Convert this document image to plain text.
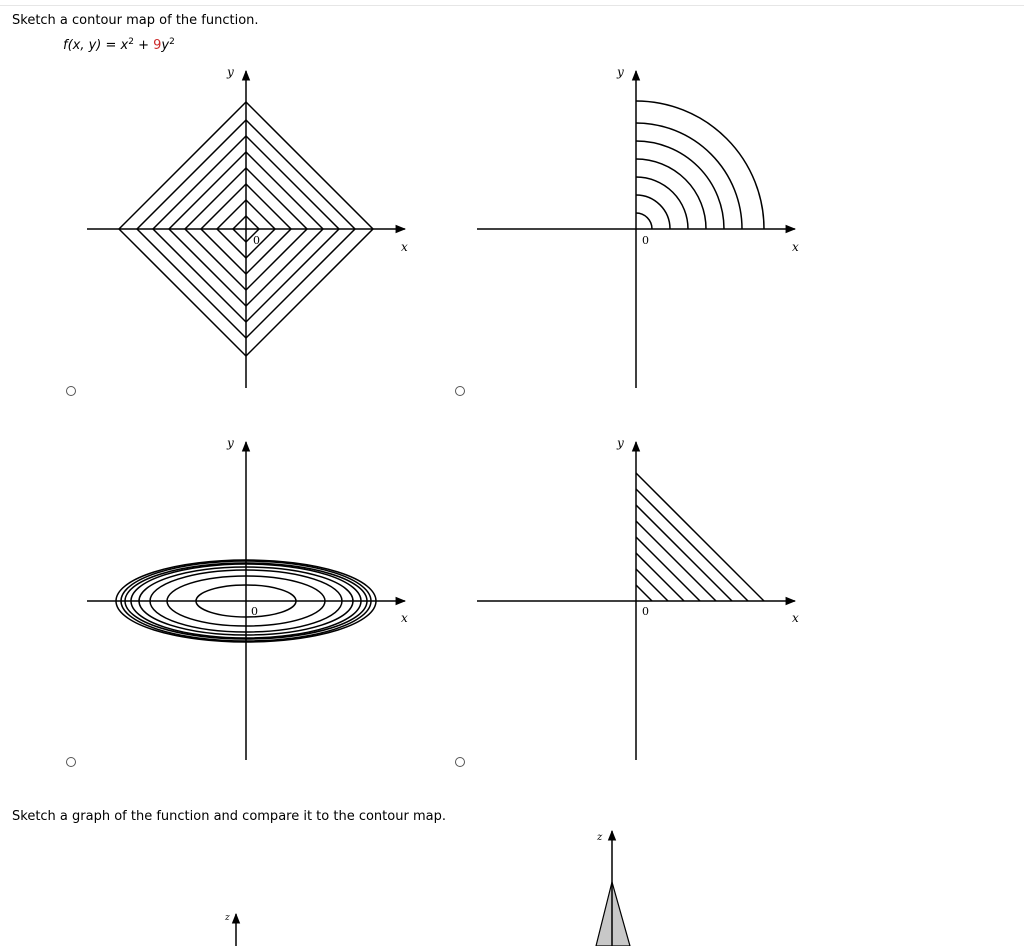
Sketch a contour map of the function.
f(x, $y) = x^2 + 9y^2$
x
y
0	x
y
0
x
y
0	x
y
0
z
z
Sketch a graph of the function and compare it to the contour map.
